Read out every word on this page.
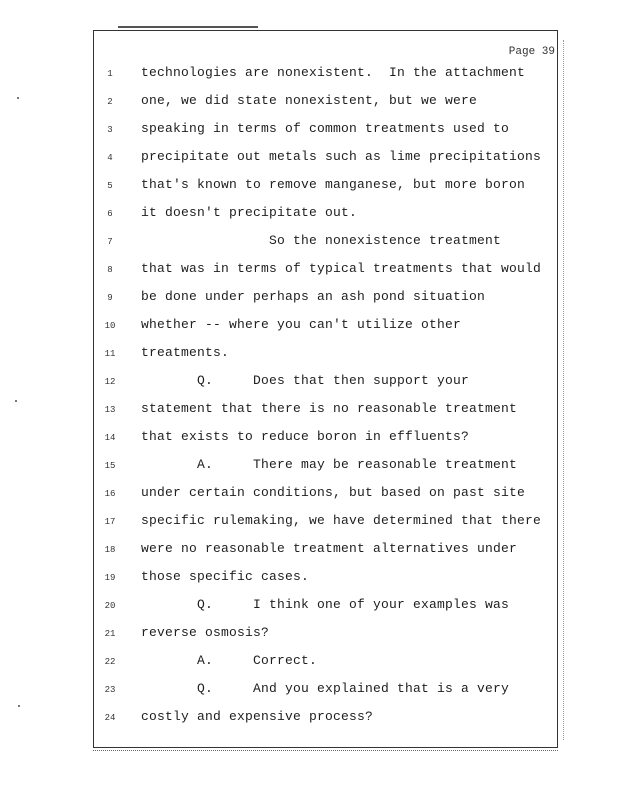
Page 39
1	technologies are nonexistent.  In the attachment
2	one, we did state nonexistent, but we were
3	speaking in terms of common treatments used to
4	precipitate out metals such as lime precipitations
5	that's known to remove manganese, but more boron
6	it doesn't precipitate out.
7	So the nonexistence treatment
8	that was in terms of typical treatments that would
9	be done under perhaps an ash pond situation
10	whether -- where you can't utilize other
11	treatments.
12	Q.     Does that then support your
13	statement that there is no reasonable treatment
14	that exists to reduce boron in effluents?
15	A.     There may be reasonable treatment
16	under certain conditions, but based on past site
17	specific rulemaking, we have determined that there
18	were no reasonable treatment alternatives under
19	those specific cases.
20	Q.     I think one of your examples was
21	reverse osmosis?
22	A.     Correct.
23	Q.     And you explained that is a very
24	costly and expensive process?
